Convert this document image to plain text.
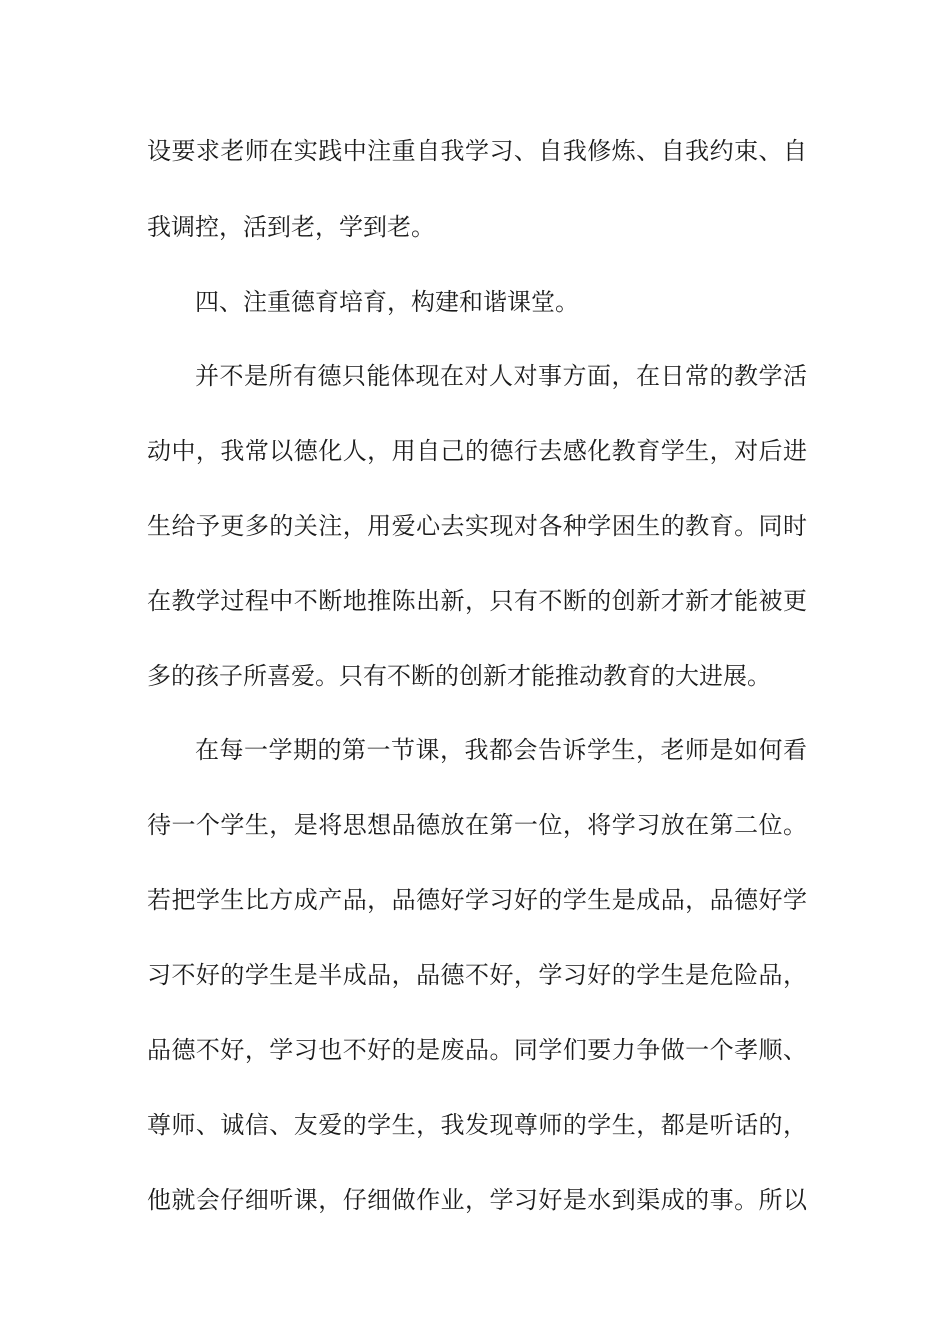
设要求老师在实践中注重自我学习、自我修炼、自我约束、自
我调控，活到老，学到老。
四、注重德育培育，构建和谐课堂。
并不是所有德只能体现在对人对事方面，在日常的教学活
动中，我常以德化人，用自己的德行去感化教育学生，对后进
生给予更多的关注，用爱心去实现对各种学困生的教育。同时
在教学过程中不断地推陈出新，只有不断的创新才新才能被更
多的孩子所喜爱。只有不断的创新才能推动教育的大进展。
在每一学期的第一节课，我都会告诉学生，老师是如何看
待一个学生，是将思想品德放在第一位，将学习放在第二位。
若把学生比方成产品，品德好学习好的学生是成品，品德好学
习不好的学生是半成品，品德不好，学习好的学生是危险品，
品德不好，学习也不好的是废品。同学们要力争做一个孝顺、
尊师、诚信、友爱的学生，我发现尊师的学生，都是听话的，
他就会仔细听课，仔细做作业，学习好是水到渠成的事。所以
